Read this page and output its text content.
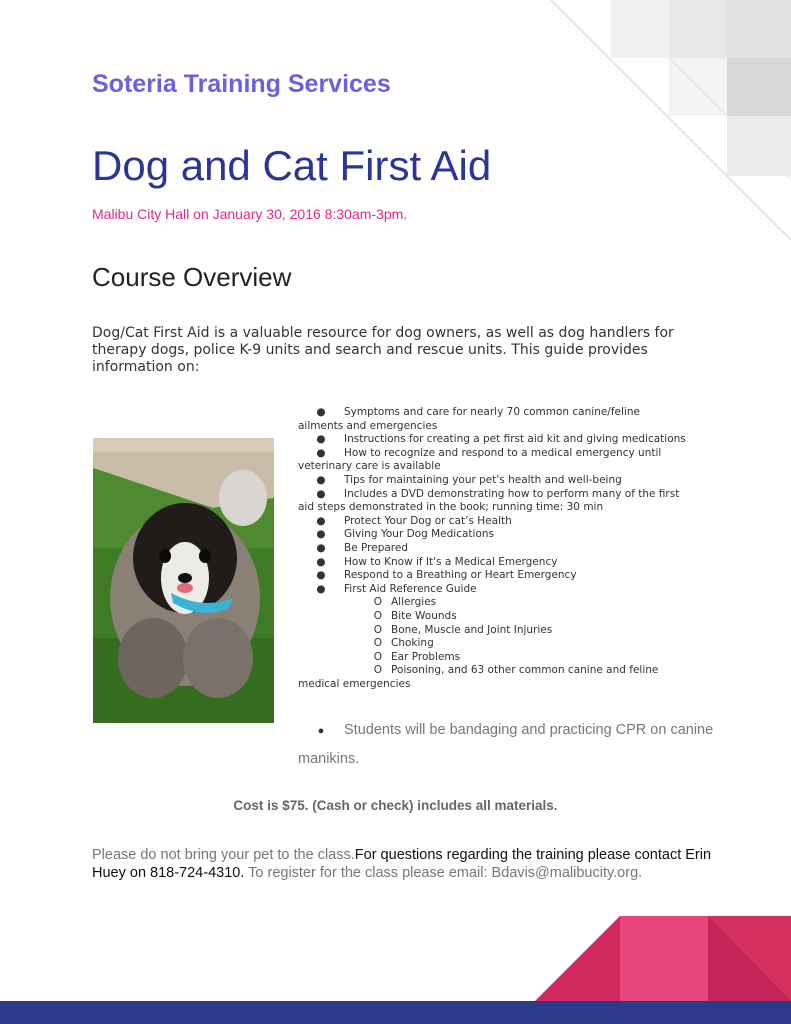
Soteria Training Services
Dog and Cat First Aid

Malibu City Hall on January 30, 2016 8:30am-3pm.

Course Overview

Dog/Cat First Aid is a valuable resource for dog owners, as well as dog handlers for therapy dogs, police K-9 units and search and rescue units. This guide provides information on:

● Symptoms and care for nearly 70 common canine/feline ailments and emergencies
● Instructions for creating a pet first aid kit and giving medications
● How to recognize and respond to a medical emergency until veterinary care is available
● Tips for maintaining your pet's health and well-being
● Includes a DVD demonstrating how to perform many of the first aid steps demonstrated in the book; running time: 30 min
● Protect Your Dog or cat’s Health
● Giving Your Dog Medications
● Be Prepared
● How to Know if It's a Medical Emergency
● Respond to a Breathing or Heart Emergency
● First Aid Reference Guide
O Allergies
O Bite Wounds
O Bone, Muscle and Joint Injuries
O Choking
O Ear Problems
O Poisoning, and 63 other common canine and feline medical emergencies
● Students will be bandaging and practicing CPR on canine manikins.

Cost is $75. (Cash or check) includes all materials.

Please do not bring your pet to the class.For questions regarding the training please contact Erin Huey on 818-724-4310. To register for the class please email: Bdavis@malibucity.org.
